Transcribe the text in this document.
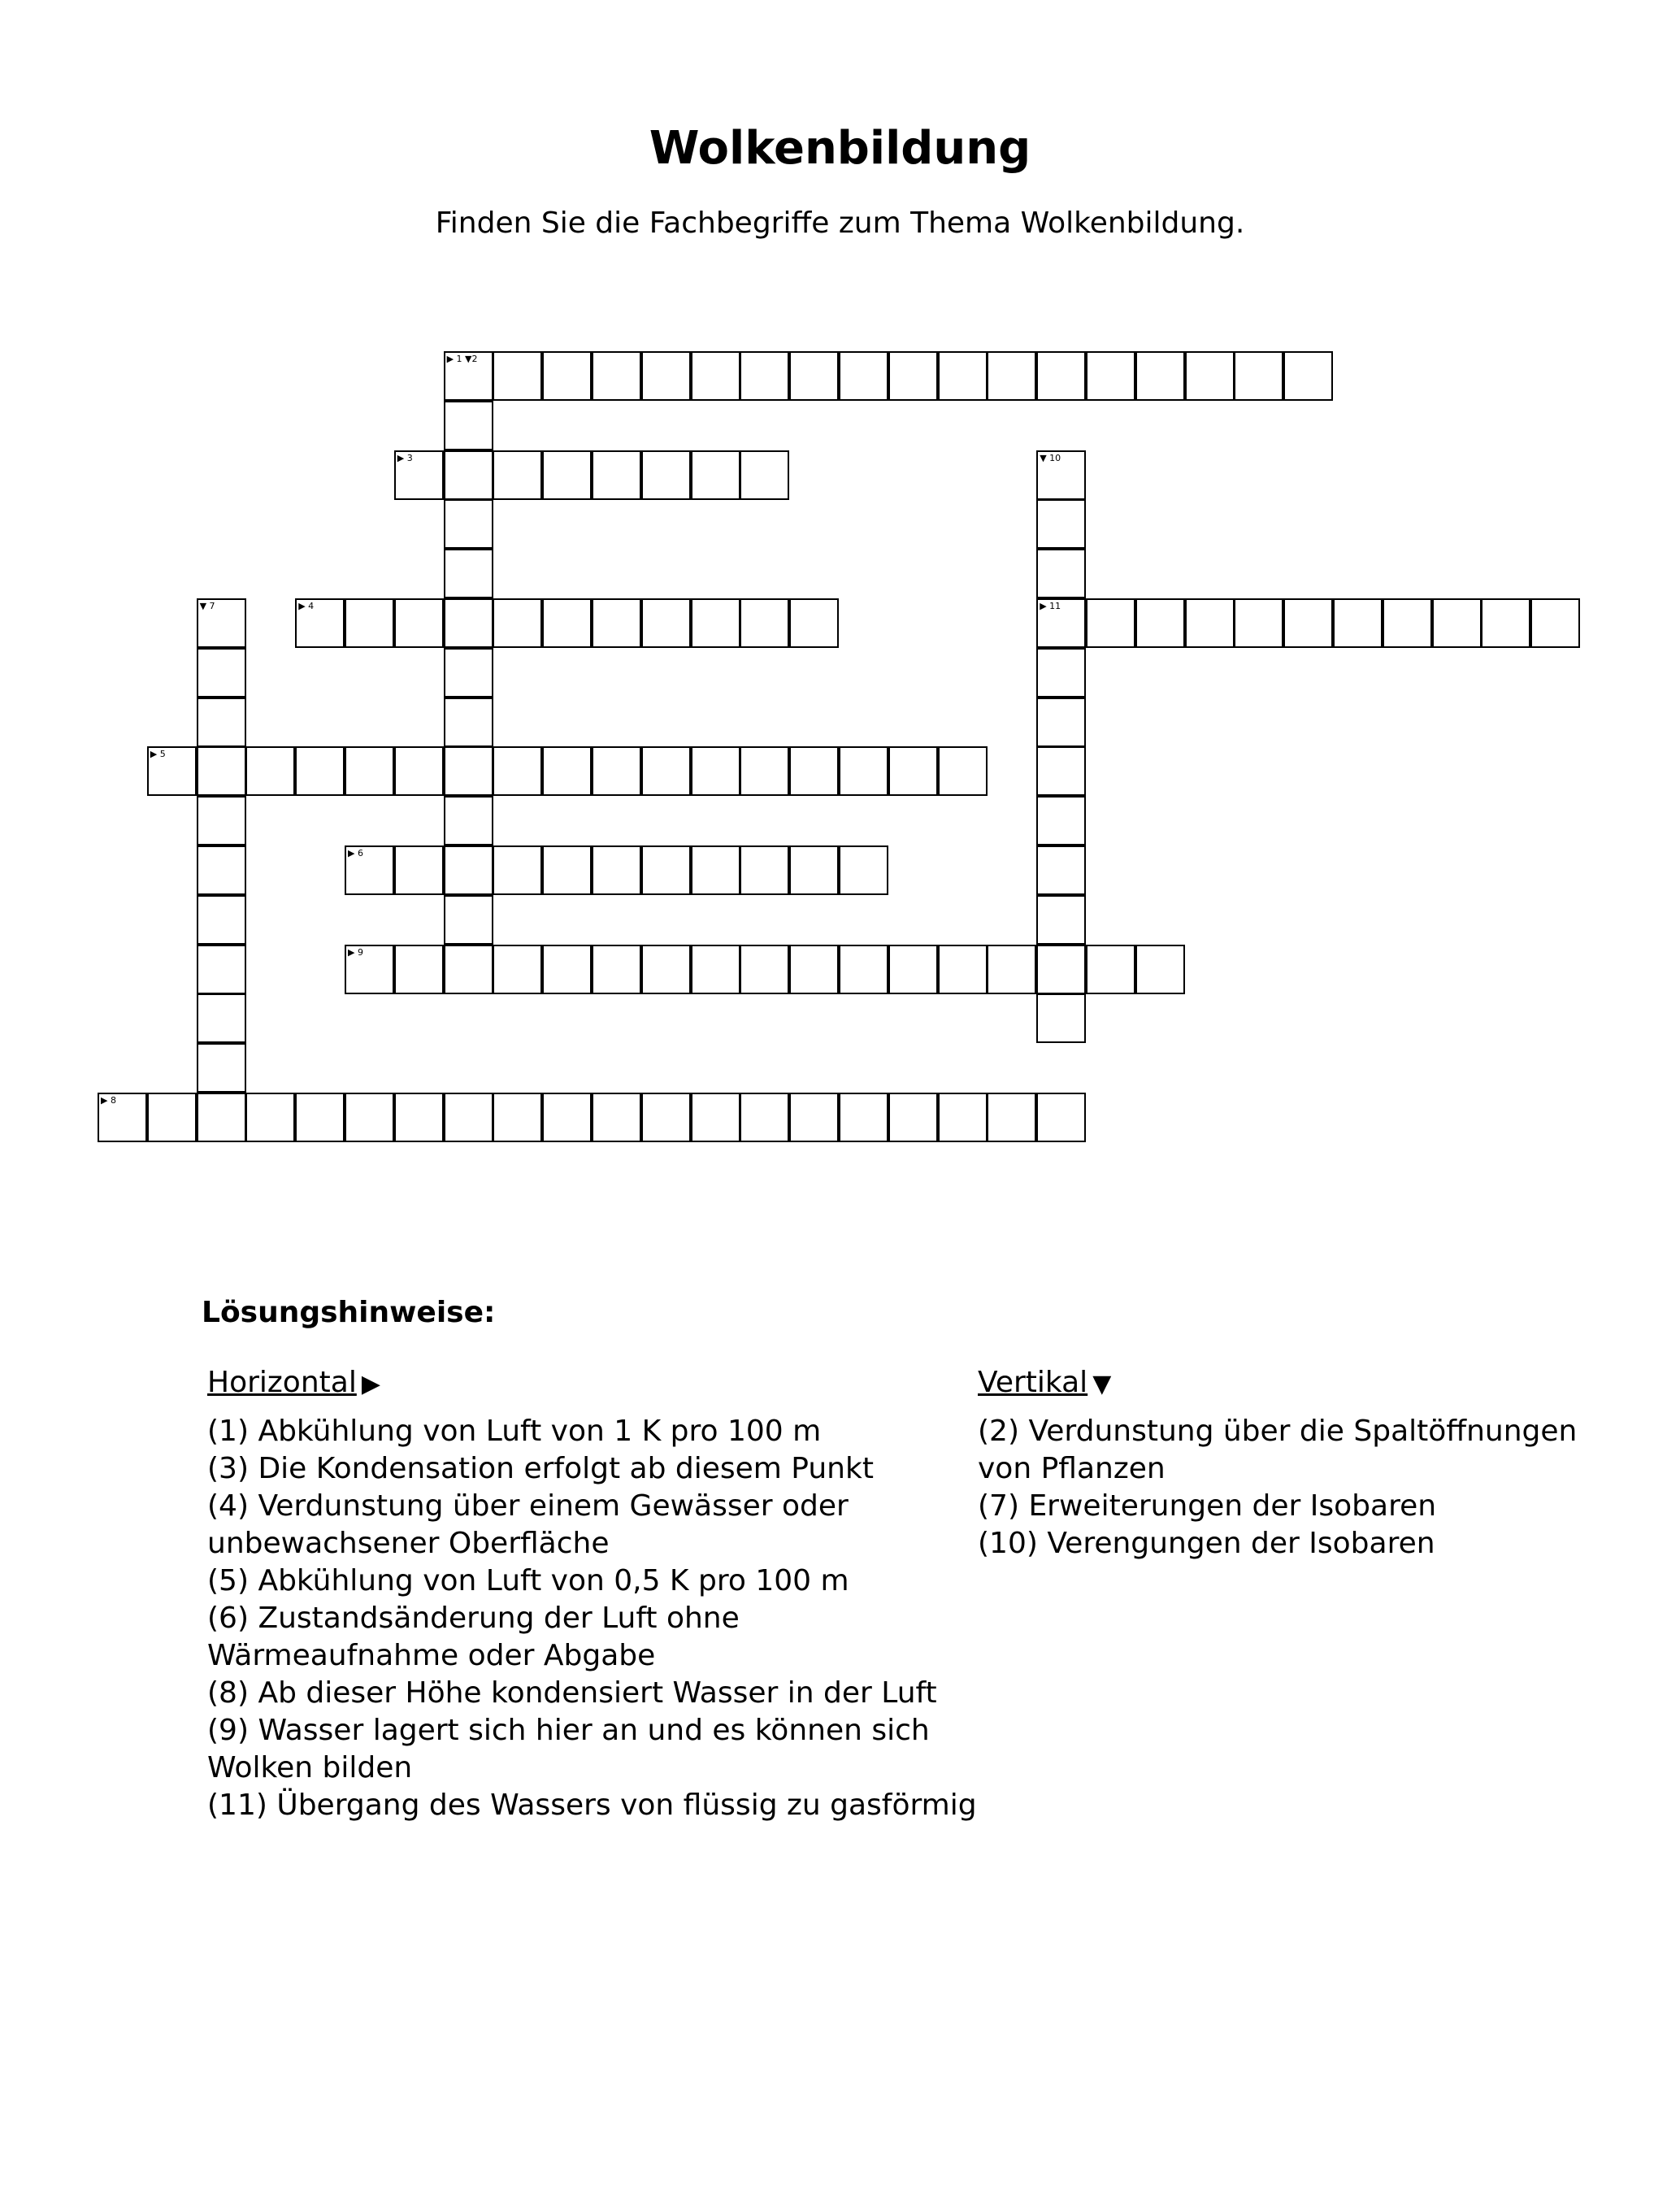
Wolkenbildung
Finden Sie die Fachbegriffe zum Thema Wolkenbildung.
▶ 1 ▼2
▶ 3	▼ 10
▼ 7	▶ 4	▶ 11
▶ 5
▶ 6
▶ 9
▶ 8
Lösungshinweise:
Horizontal ▶
(1) Abkühlung von Luft von 1 K pro 100 m
(3) Die Kondensation erfolgt ab diesem Punkt
(4) Verdunstung über einem Gewässer oder unbewachsener Oberfläche
(5) Abkühlung von Luft von 0,5 K pro 100 m
(6) Zustandsänderung der Luft ohne Wärmeaufnahme oder Abgabe
(8) Ab dieser Höhe kondensiert Wasser in der Luft
(9) Wasser lagert sich hier an und es können sich Wolken bilden
(11) Übergang des Wassers von flüssig zu gasförmig
Vertikal ▼
(2) Verdunstung über die Spaltöffnungen von Pflanzen
(7) Erweiterungen der Isobaren
(10) Verengungen der Isobaren
